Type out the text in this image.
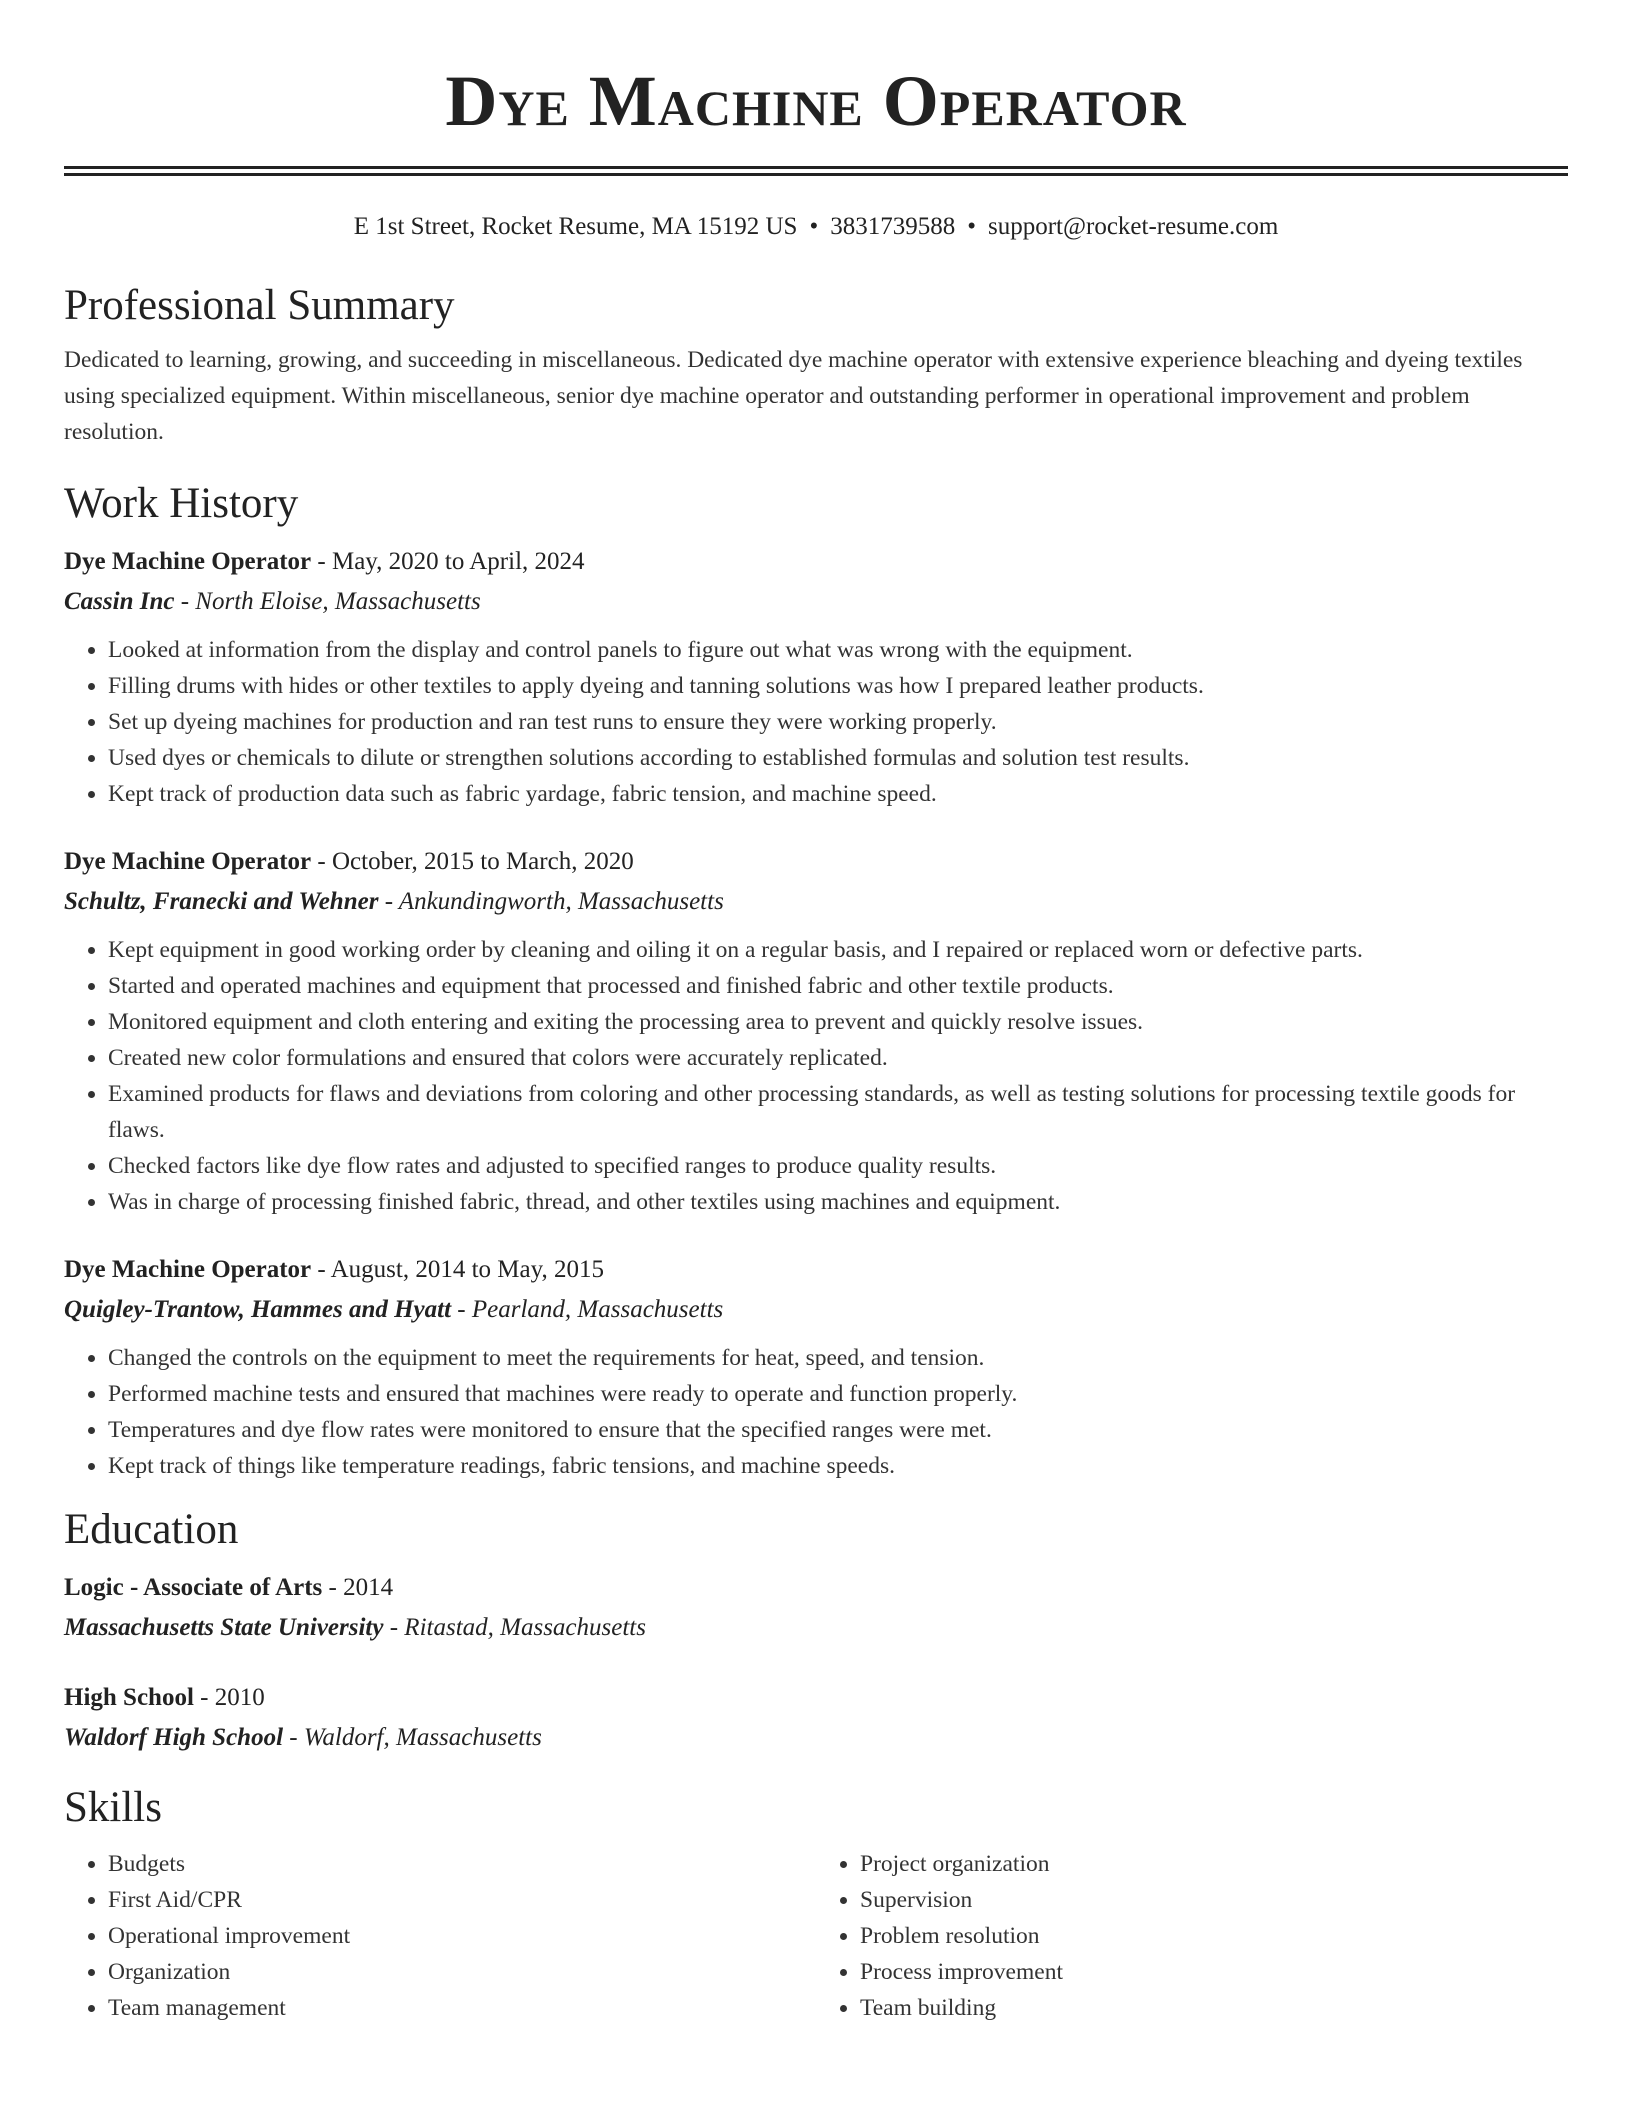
Dye Machine Operator
E 1st Street, Rocket Resume, MA 15192 US • 3831739588 • support@rocket-resume.com
Professional Summary
Dedicated to learning, growing, and succeeding in miscellaneous. Dedicated dye machine operator with extensive experience bleaching and dyeing textiles using specialized equipment. Within miscellaneous, senior dye machine operator and outstanding performer in operational improvement and problem resolution.
Work History
Dye Machine Operator - May, 2020 to April, 2024
Cassin Inc - North Eloise, Massachusetts
• Looked at information from the display and control panels to figure out what was wrong with the equipment.
• Filling drums with hides or other textiles to apply dyeing and tanning solutions was how I prepared leather products.
• Set up dyeing machines for production and ran test runs to ensure they were working properly.
• Used dyes or chemicals to dilute or strengthen solutions according to established formulas and solution test results.
• Kept track of production data such as fabric yardage, fabric tension, and machine speed.
Dye Machine Operator - October, 2015 to March, 2020
Schultz, Franecki and Wehner - Ankundingworth, Massachusetts
• Kept equipment in good working order by cleaning and oiling it on a regular basis, and I repaired or replaced worn or defective parts.
• Started and operated machines and equipment that processed and finished fabric and other textile products.
• Monitored equipment and cloth entering and exiting the processing area to prevent and quickly resolve issues.
• Created new color formulations and ensured that colors were accurately replicated.
• Examined products for flaws and deviations from coloring and other processing standards, as well as testing solutions for processing textile goods for flaws.
• Checked factors like dye flow rates and adjusted to specified ranges to produce quality results.
• Was in charge of processing finished fabric, thread, and other textiles using machines and equipment.
Dye Machine Operator - August, 2014 to May, 2015
Quigley-Trantow, Hammes and Hyatt - Pearland, Massachusetts
• Changed the controls on the equipment to meet the requirements for heat, speed, and tension.
• Performed machine tests and ensured that machines were ready to operate and function properly.
• Temperatures and dye flow rates were monitored to ensure that the specified ranges were met.
• Kept track of things like temperature readings, fabric tensions, and machine speeds.
Education
Logic - Associate of Arts - 2014
Massachusetts State University - Ritastad, Massachusetts
High School - 2010
Waldorf High School - Waldorf, Massachusetts
Skills
• Budgets
• First Aid/CPR
• Operational improvement
• Organization
• Team management
• Project organization
• Supervision
• Problem resolution
• Process improvement
• Team building
